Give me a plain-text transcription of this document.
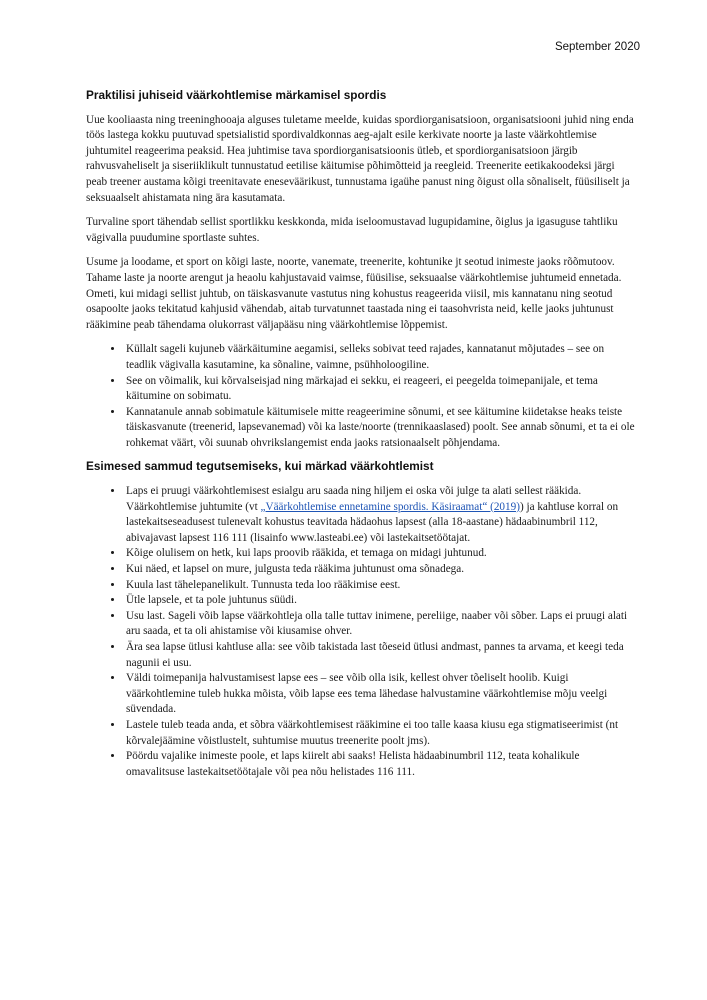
September 2020
Praktilisi juhiseid väärkohtlemise märkamisel spordis

Uue kooliaasta ning treeninghooaja alguses tuletame meelde, kuidas spordiorganisatsioon, organisatsiooni juhid ning enda töös lastega kokku puutuvad spetsialistid spordivaldkonnas aeg-ajalt esile kerkivate noorte ja laste väärkohtlemise juhtumitel reageerima peaksid. Hea juhtimise tava spordiorganisatsioonis ütleb, et spordiorganisatsioon järgib rahvusvaheliselt ja siseriiklikult tunnustatud eetilise käitumise põhimõtteid ja reegleid. Treenerite eetikakoodeksi järgi peab treener austama kõigi treenitavate eneseväärikust, tunnustama igaühe panust ning õigust olla sõnaliselt, füüsiliselt ja seksuaalselt ahistamata ning ära kasutamata.

Turvaline sport tähendab sellist sportlikku keskkonda, mida iseloomustavad lugupidamine, õiglus ja igasuguse tahtliku vägivalla puudumine sportlaste suhtes.

Usume ja loodame, et sport on kõigi laste, noorte, vanemate, treenerite, kohtunike jt seotud inimeste jaoks rõõmutoov. Tahame laste ja noorte arengut ja heaolu kahjustavaid vaimse, füüsilise, seksuaalse väärkohtlemise juhtumeid ennetada. Ometi, kui midagi sellist juhtub, on täiskasvanute vastutus ning kohustus reageerida viisil, mis kannatanu ning seotud osapoolte jaoks tekitatud kahjusid vähendab, aitab turvatunnet taastada ning ei taasohvrista neid, kelle jaoks juhtunust rääkimine peab tähendama olukorrast väljapääsu ning väärkohtlemise lõppemist.

• Küllalt sageli kujuneb väärkäitumine aegamisi, selleks sobivat teed rajades, kannatanut mõjutades – see on teadlik vägivalla kasutamine, ka sõnaline, vaimne, psühholoogiline.
• See on võimalik, kui kõrvalseisjad ning märkajad ei sekku, ei reageeri, ei peegelda toimepanijale, et tema käitumine on sobimatu.
• Kannatanule annab sobimatule käitumisele mitte reageerimine sõnumi, et see käitumine kiidetakse heaks teiste täiskasvanute (treenerid, lapsevanemad) või ka laste/noorte (trennikaaslased) poolt. See annab sõnumi, et ta ei ole rohkemat väärt, või suunab ohvrikslangemist enda jaoks ratsionaalselt põhjendama.
Esimesed sammud tegutsemiseks, kui märkad väärkohtlemist
• Laps ei pruugi väärkohtlemisest esialgu aru saada ning hiljem ei oska või julge ta alati sellest rääkida. Väärkohtlemise juhtumite (vt „Väärkohtlemise ennetamine spordis. Käsiraamat“ (2019)) ja kahtluse korral on lastekaitseseadusest tulenevalt kohustus teavitada hädaohus lapsest (alla 18-aastane) hädaabinumbril 112, abivajavast lapsest 116 111 (lisainfo www.lasteabi.ee) või lastekaitsetöötajat.
• Kõige olulisem on hetk, kui laps proovib rääkida, et temaga on midagi juhtunud.
• Kui näed, et lapsel on mure, julgusta teda rääkima juhtunust oma sõnadega.
• Kuula last tähelepanelikult. Tunnusta teda loo rääkimise eest.
• Ütle lapsele, et ta pole juhtunus süüdi.
• Usu last. Sageli võib lapse väärkohtleja olla talle tuttav inimene, pereliige, naaber või sõber. Laps ei pruugi alati aru saada, et ta oli ahistamise või kiusamise ohver.
• Ära sea lapse ütlusi kahtluse alla: see võib takistada last tõeseid ütlusi andmast, pannes ta arvama, et keegi teda nagunii ei usu.
• Väldi toimepanija halvustamisest lapse ees – see võib olla isik, kellest ohver tõeliselt hoolib. Kuigi väärkohtlemine tuleb hukka mõista, võib lapse ees tema lähedase halvustamine väärkohtlemise mõju veelgi süvendada.
• Lastele tuleb teada anda, et sõbra väärkohtlemisest rääkimine ei too talle kaasa kiusu ega stigmatiseerimist (nt kõrvalejäämine võistlustelt, suhtumise muutus treenerite poolt jms).
• Pöördu vajalike inimeste poole, et laps kiirelt abi saaks! Helista hädaabinumbril 112, teata kohalikule omavalitsuse lastekaitsetöötajale või pea nõu helistades 116 111.
